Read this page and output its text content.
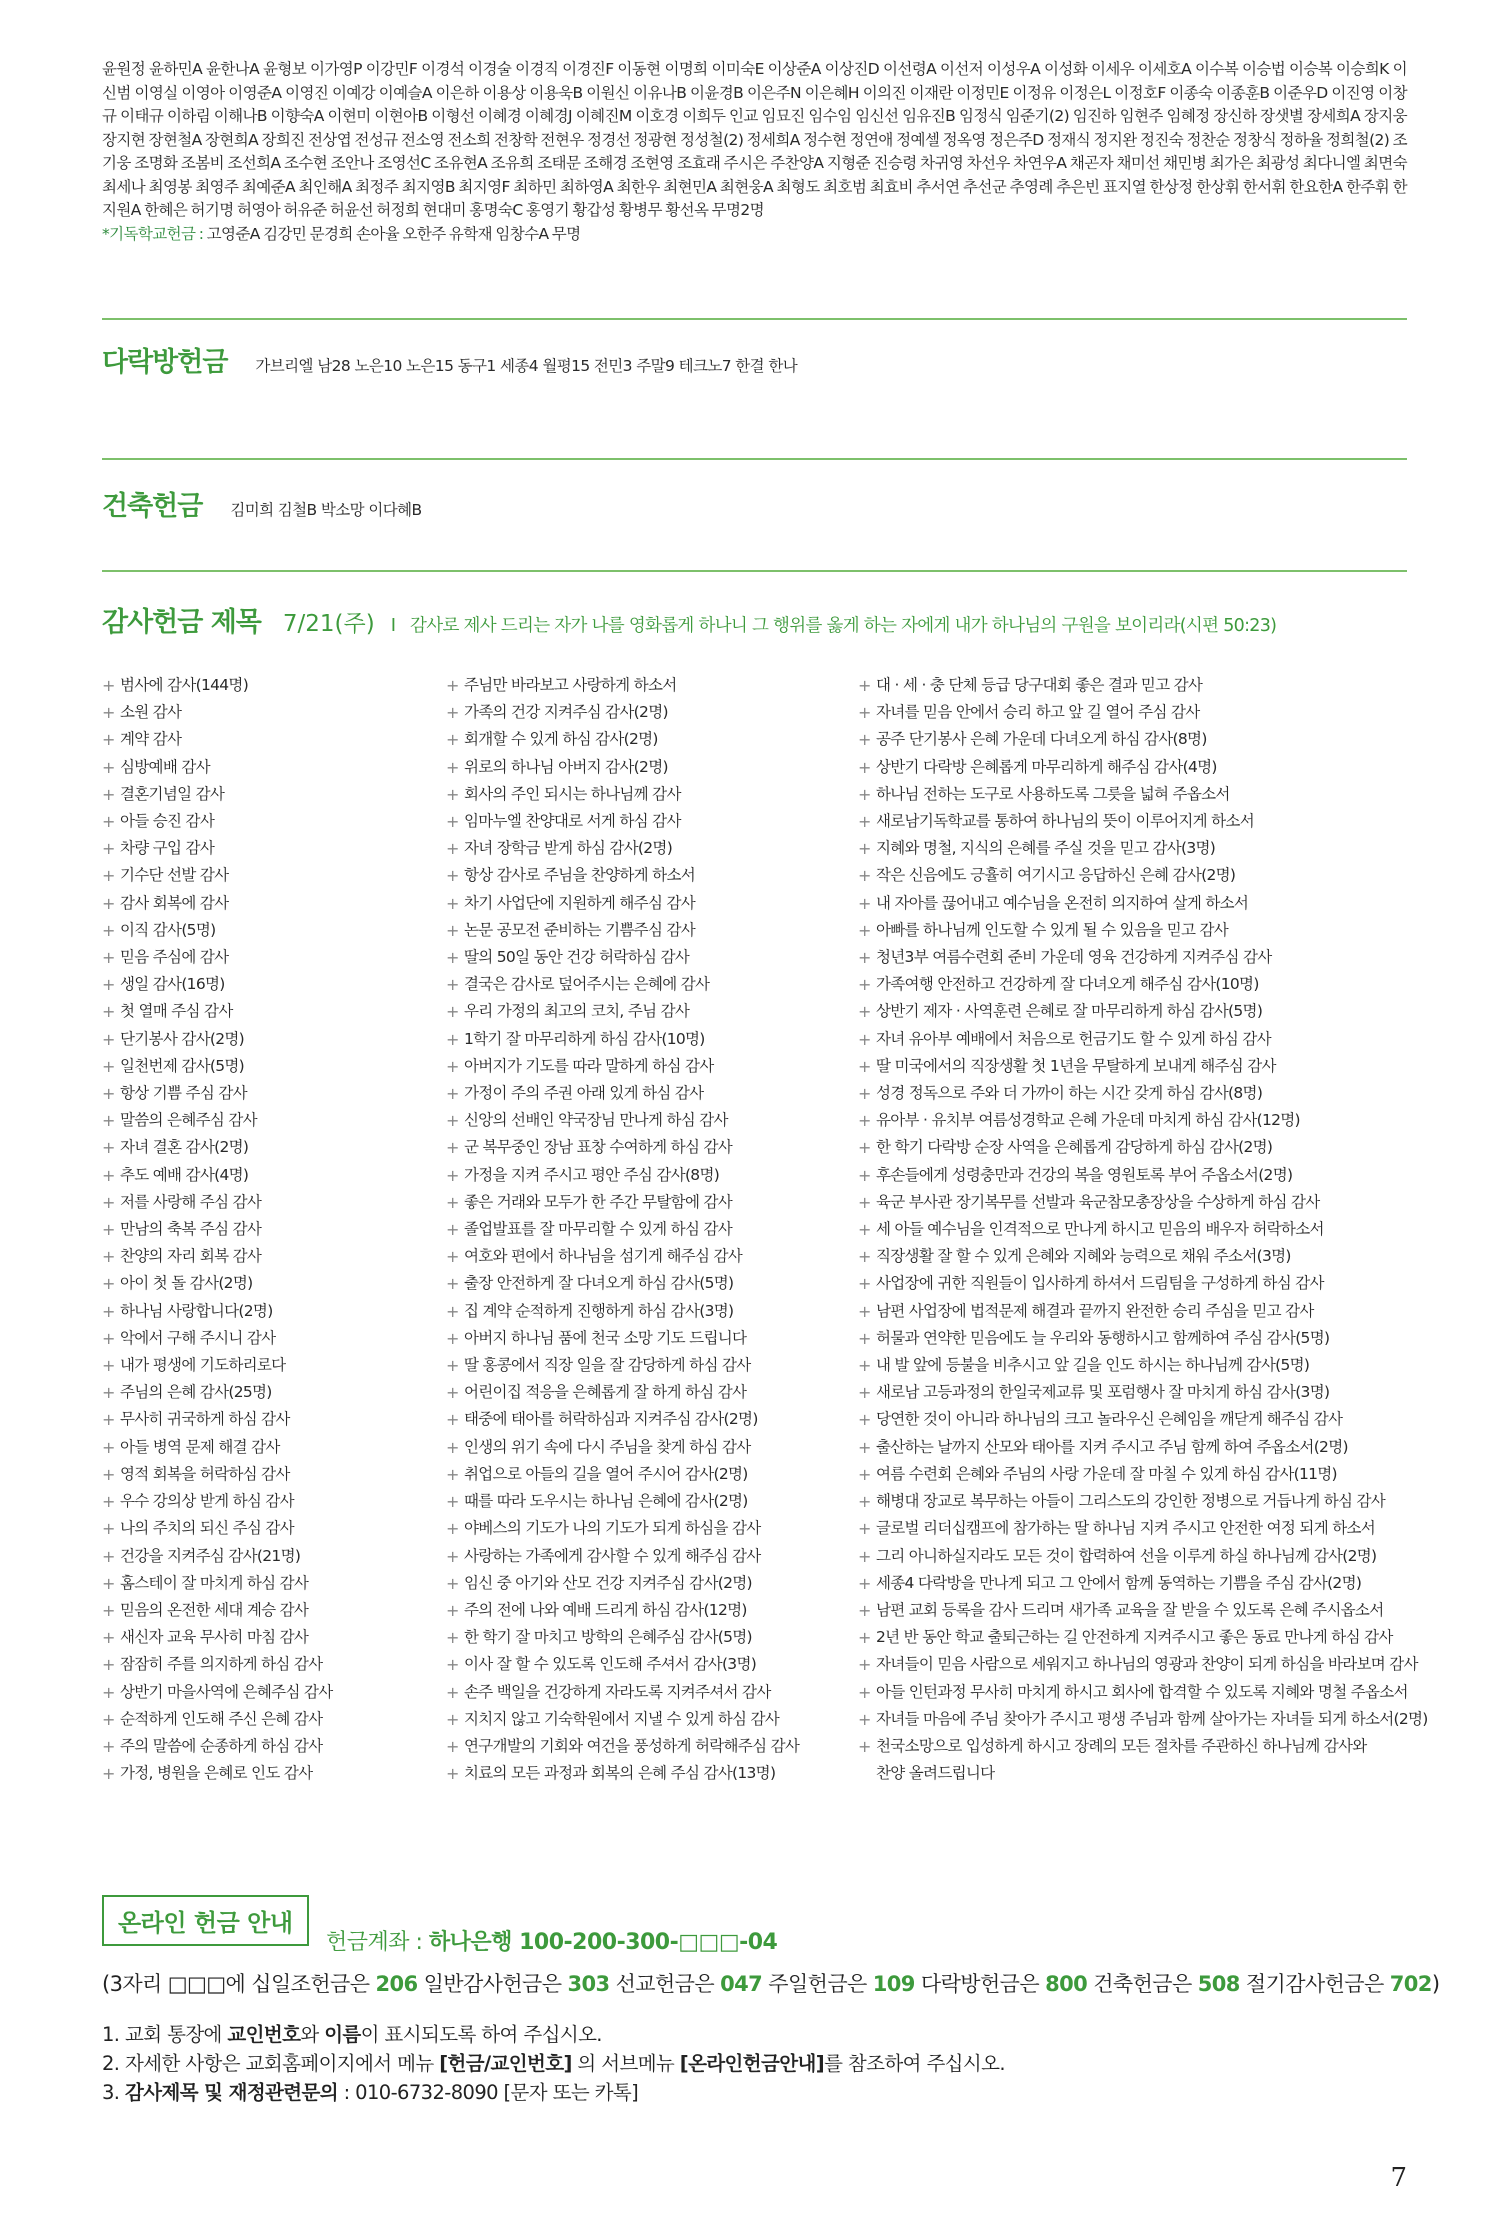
윤원정 윤하민A 윤한나A 윤형보 이가영P 이강민F 이경석 이경술 이경직 이경진F 이동현 이명희 이미숙E 이상준A 이상진D 이선령A 이선저 이성우A 이성화 이세우 이세호A 이수복 이승법 이승복 이승희K 이신범 이영실 이영아 이영준A 이영진 이예강 이예슬A 이은하 이용상 이용욱B 이원신 이유나B 이윤경B 이은주N 이은혜H 이의진 이재란 이정민E 이정유 이정은L 이정호F 이종숙 이종훈B 이준우D 이진영 이창규 이태규 이하림 이해나B 이향숙A 이현미 이현아B 이형선 이혜경 이혜경J 이혜진M 이호경 이희두 인교 임묘진 임수임 임신선 임유진B 임정식 임준기(2) 임진하 임현주 임혜정 장신하 장샛별 장세희A 장지웅 장지현 장현철A 장현희A 장희진 전상엽 전성규 전소영 전소희 전창학 전현우 정경선 정광현 정성철(2) 정세희A 정수현 정연애 정예셀 정옥영 정은주D 정재식 정지완 정진숙 정찬순 정창식 정하율 정희철(2) 조기웅 조명화 조봄비 조선희A 조수현 조안나 조영선C 조유현A 조유희 조태문 조해경 조현영 조효래 주시은 주찬양A 지형준 진승령 차귀영 차선우 차연우A 채곤자 채미선 채민병 최가은 최광성 최다니엘 최면숙 최세나 최영봉 최영주 최예준A 최인해A 최정주 최지영B 최지영F 최하민 최하영A 최한우 최현민A 최현웅A 최형도 최호범 최효비 추서연 추선군 추영례 추은빈 표지열 한상정 한상휘 한서휘 한요한A 한주휘 한지원A 한혜은 허기명 허영아 허유준 허윤선 허정희 현대미 홍명숙C 홍영기 황갑성 황병무 황선옥 무명2명
*기독학교헌금 : 고영준A 김강민 문경희 손아율 오한주 유학재 임창수A 무명
다락방헌금 가브리엘 남28 노은10 노은15 동구1 세종4 월평15 전민3 주말9 테크노7 한결 한나
건축헌금 김미희 김철B 박소망 이다혜B
감사헌금 제목 7/21(주) I 감사로 제사 드리는 자가 나를 영화롭게 하나니 그 행위를 옳게 하는 자에게 내가 하나님의 구원을 보이리라(시편 50:23)
+ 범사에 감사(144명)
+ 소원 감사
+ 계약 감사
+ 심방예배 감사
+ 결혼기념일 감사
+ 아들 승진 감사
+ 차량 구입 감사
+ 기수단 선발 감사
+ 감사 회복에 감사
+ 이직 감사(5명)
+ 믿음 주심에 감사
+ 생일 감사(16명)
+ 첫 열매 주심 감사
+ 단기봉사 감사(2명)
+ 일천번제 감사(5명)
+ 항상 기쁨 주심 감사
+ 말씀의 은혜주심 감사
+ 자녀 결혼 감사(2명)
+ 추도 예배 감사(4명)
+ 저를 사랑해 주심 감사
+ 만남의 축복 주심 감사
+ 찬양의 자리 회복 감사
+ 아이 첫 돌 감사(2명)
+ 하나님 사랑합니다(2명)
+ 악에서 구해 주시니 감사
+ 내가 평생에 기도하리로다
+ 주님의 은혜 감사(25명)
+ 무사히 귀국하게 하심 감사
+ 아들 병역 문제 해결 감사
+ 영적 회복을 허락하심 감사
+ 우수 강의상 받게 하심 감사
+ 나의 주치의 되신 주심 감사
+ 건강을 지켜주심 감사(21명)
+ 홈스테이 잘 마치게 하심 감사
+ 믿음의 온전한 세대 계승 감사
+ 새신자 교육 무사히 마침 감사
+ 잠잠히 주를 의지하게 하심 감사
+ 상반기 마을사역에 은혜주심 감사
+ 순적하게 인도해 주신 은혜 감사
+ 주의 말씀에 순종하게 하심 감사
+ 가정, 병원을 은혜로 인도 감사
+ 주님만 바라보고 사랑하게 하소서
+ 가족의 건강 지켜주심 감사(2명)
+ 회개할 수 있게 하심 감사(2명)
+ 위로의 하나님 아버지 감사(2명)
+ 회사의 주인 되시는 하나님께 감사
+ 임마누엘 찬양대로 서게 하심 감사
+ 자녀 장학금 받게 하심 감사(2명)
+ 항상 감사로 주님을 찬양하게 하소서
+ 차기 사업단에 지원하게 해주심 감사
+ 논문 공모전 준비하는 기쁨주심 감사
+ 딸의 50일 동안 건강 허락하심 감사
+ 결국은 감사로 덮어주시는 은혜에 감사
+ 우리 가정의 최고의 코치, 주님 감사
+ 1학기 잘 마무리하게 하심 감사(10명)
+ 아버지가 기도를 따라 말하게 하심 감사
+ 가정이 주의 주권 아래 있게 하심 감사
+ 신앙의 선배인 약국장님 만나게 하심 감사
+ 군 복무중인 장남 표창 수여하게 하심 감사
+ 가정을 지켜 주시고 평안 주심 감사(8명)
+ 좋은 거래와 모두가 한 주간 무탈함에 감사
+ 졸업발표를 잘 마무리할 수 있게 하심 감사
+ 여호와 편에서 하나님을 섬기게 해주심 감사
+ 출장 안전하게 잘 다녀오게 하심 감사(5명)
+ 집 계약 순적하게 진행하게 하심 감사(3명)
+ 아버지 하나님 품에 천국 소망 기도 드립니다
+ 딸 홍콩에서 직장 일을 잘 감당하게 하심 감사
+ 어린이집 적응을 은혜롭게 잘 하게 하심 감사
+ 태중에 태아를 허락하심과 지켜주심 감사(2명)
+ 인생의 위기 속에 다시 주님을 찾게 하심 감사
+ 취업으로 아들의 길을 열어 주시어 감사(2명)
+ 때를 따라 도우시는 하나님 은혜에 감사(2명)
+ 야베스의 기도가 나의 기도가 되게 하심을 감사
+ 사랑하는 가족에게 감사할 수 있게 해주심 감사
+ 임신 중 아기와 산모 건강 지켜주심 감사(2명)
+ 주의 전에 나와 예배 드리게 하심 감사(12명)
+ 한 학기 잘 마치고 방학의 은혜주심 감사(5명)
+ 이사 잘 할 수 있도록 인도해 주셔서 감사(3명)
+ 손주 백일을 건강하게 자라도록 지켜주셔서 감사
+ 지치지 않고 기숙학원에서 지낼 수 있게 하심 감사
+ 연구개발의 기회와 여건을 풍성하게 허락해주심 감사
+ 치료의 모든 과정과 회복의 은혜 주심 감사(13명)
+ 대 · 세 · 충 단체 등급 당구대회 좋은 결과 믿고 감사
+ 자녀를 믿음 안에서 승리 하고 앞 길 열어 주심 감사
+ 공주 단기봉사 은혜 가운데 다녀오게 하심 감사(8명)
+ 상반기 다락방 은혜롭게 마무리하게 해주심 감사(4명)
+ 하나님 전하는 도구로 사용하도록 그릇을 넓혀 주옵소서
+ 새로남기독학교를 통하여 하나님의 뜻이 이루어지게 하소서
+ 지혜와 명철, 지식의 은혜를 주실 것을 믿고 감사(3명)
+ 작은 신음에도 긍휼히 여기시고 응답하신 은혜 감사(2명)
+ 내 자아를 끊어내고 예수님을 온전히 의지하여 살게 하소서
+ 아빠를 하나님께 인도할 수 있게 될 수 있음을 믿고 감사
+ 청년3부 여름수련회 준비 가운데 영육 건강하게 지켜주심 감사
+ 가족여행 안전하고 건강하게 잘 다녀오게 해주심 감사(10명)
+ 상반기 제자 · 사역훈련 은혜로 잘 마무리하게 하심 감사(5명)
+ 자녀 유아부 예배에서 처음으로 헌금기도 할 수 있게 하심 감사
+ 딸 미국에서의 직장생활 첫 1년을 무탈하게 보내게 해주심 감사
+ 성경 정독으로 주와 더 가까이 하는 시간 갖게 하심 감사(8명)
+ 유아부 · 유치부 여름성경학교 은혜 가운데 마치게 하심 감사(12명)
+ 한 학기 다락방 순장 사역을 은혜롭게 감당하게 하심 감사(2명)
+ 후손들에게 성령충만과 건강의 복을 영원토록 부어 주옵소서(2명)
+ 육군 부사관 장기복무를 선발과 육군참모총장상을 수상하게 하심 감사
+ 세 아들 예수님을 인격적으로 만나게 하시고 믿음의 배우자 허락하소서
+ 직장생활 잘 할 수 있게 은혜와 지혜와 능력으로 채워 주소서(3명)
+ 사업장에 귀한 직원들이 입사하게 하셔서 드림팀을 구성하게 하심 감사
+ 남편 사업장에 법적문제 해결과 끝까지 완전한 승리 주심을 믿고 감사
+ 허물과 연약한 믿음에도 늘 우리와 동행하시고 함께하여 주심 감사(5명)
+ 내 발 앞에 등불을 비추시고 앞 길을 인도 하시는 하나님께 감사(5명)
+ 새로남 고등과정의 한일국제교류 및 포럼행사 잘 마치게 하심 감사(3명)
+ 당연한 것이 아니라 하나님의 크고 놀라우신 은혜임을 깨닫게 해주심 감사
+ 출산하는 날까지 산모와 태아를 지켜 주시고 주님 함께 하여 주옵소서(2명)
+ 여름 수련회 은혜와 주님의 사랑 가운데 잘 마칠 수 있게 하심 감사(11명)
+ 해병대 장교로 복무하는 아들이 그리스도의 강인한 정병으로 거듭나게 하심 감사
+ 글로벌 리더십캠프에 참가하는 딸 하나님 지켜 주시고 안전한 여정 되게 하소서
+ 그리 아니하실지라도 모든 것이 합력하여 선을 이루게 하실 하나님께 감사(2명)
+ 세종4 다락방을 만나게 되고 그 안에서 함께 동역하는 기쁨을 주심 감사(2명)
+ 남편 교회 등록을 감사 드리며 새가족 교육을 잘 받을 수 있도록 은혜 주시옵소서
+ 2년 반 동안 학교 출퇴근하는 길 안전하게 지켜주시고 좋은 동료 만나게 하심 감사
+ 자녀들이 믿음 사람으로 세워지고 하나님의 영광과 찬양이 되게 하심을 바라보며 감사
+ 아들 인턴과정 무사히 마치게 하시고 회사에 합격할 수 있도록 지혜와 명철 주옵소서
+ 자녀들 마음에 주님 찾아가 주시고 평생 주님과 함께 살아가는 자녀들 되게 하소서(2명)
+ 천국소망으로 입성하게 하시고 장례의 모든 절차를 주관하신 하나님께 감사와
찬양 올려드립니다
온라인 헌금 안내
헌금계좌 : 하나은행 100-200-300-□□□-04
(3자리 □□□에 십일조헌금은 206 일반감사헌금은 303 선교헌금은 047 주일헌금은 109 다락방헌금은 800 건축헌금은 508 절기감사헌금은 702)
1. 교회 통장에 교인번호와 이름이 표시되도록 하여 주십시오.
2. 자세한 사항은 교회홈페이지에서 메뉴 [헌금/교인번호] 의 서브메뉴 [온라인헌금안내]를 참조하여 주십시오.
3. 감사제목 및 재정관련문의 : 010-6732-8090 [문자 또는 카톡]
7
